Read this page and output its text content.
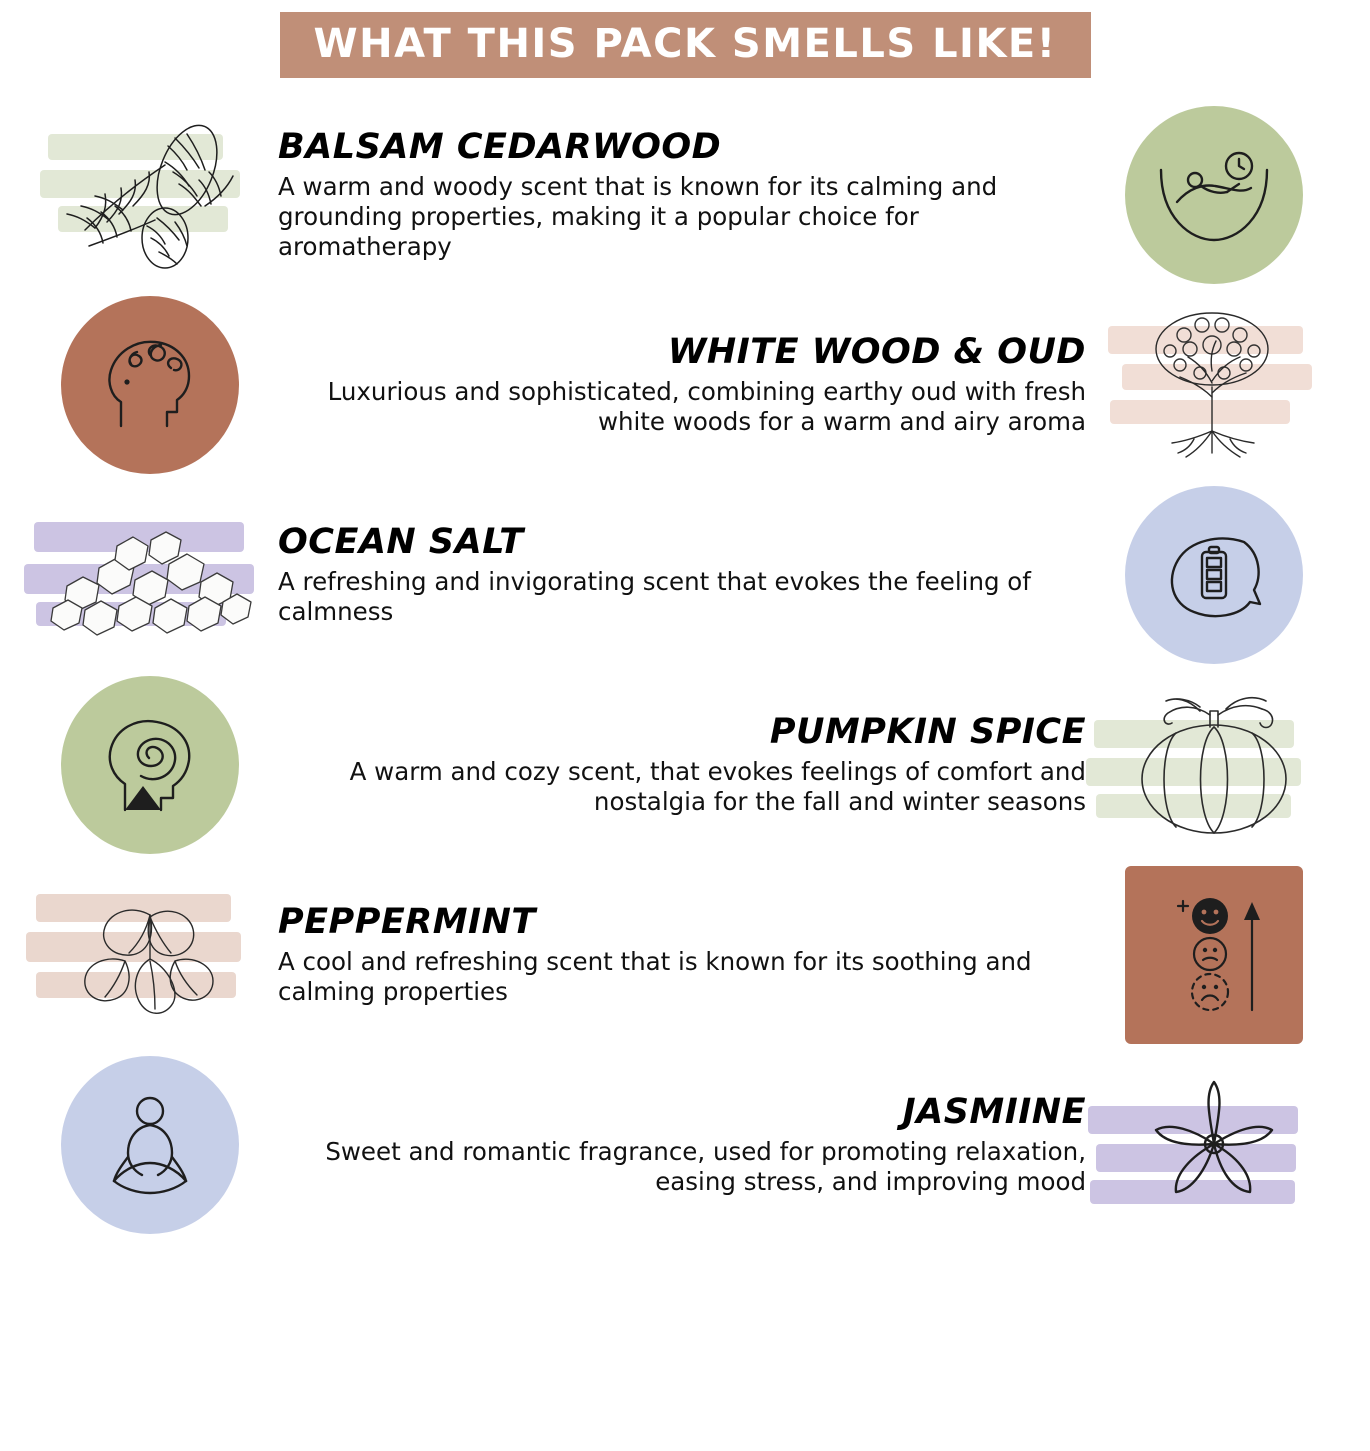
WHAT THIS PACK SMELLS LIKE!
BALSAM CEDARWOOD
A warm and woody scent that is known for its calming and grounding properties, making it a popular choice for aromatherapy
WHITE WOOD & OUD
Luxurious and sophisticated, combining earthy oud with fresh white woods for a warm and airy aroma
OCEAN SALT
A refreshing and invigorating scent that evokes the feeling of calmness
PUMPKIN SPICE
A warm and cozy scent, that evokes feelings of comfort and nostalgia for the fall and winter seasons
PEPPERMINT
A cool and refreshing scent that is known for its soothing and calming properties
JASMIINE
Sweet and romantic fragrance, used for promoting relaxation, easing stress, and improving mood
